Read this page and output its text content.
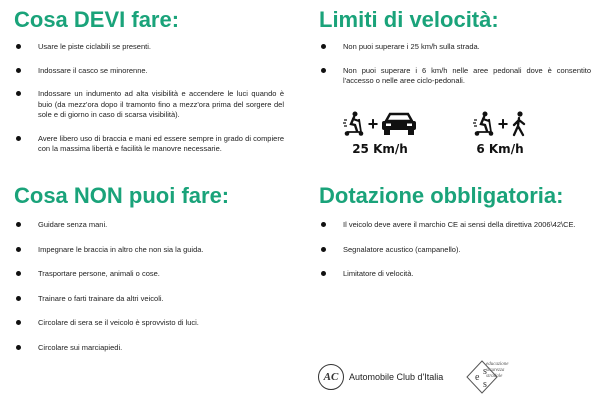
Cosa DEVI fare:
Usare le piste ciclabili se presenti.
Indossare il casco se minorenne.
Indossare un indumento ad alta visibilità e accendere le luci quando è buio (da mezz'ora dopo il tramonto fino a mezz'ora prima del sorgere del sole e di giorno in caso di scarsa visibilità).
Avere libero uso di braccia e mani ed essere sempre in grado di compiere con la massima libertà e facilità le manovre necessarie.
Cosa NON puoi fare:
Guidare senza mani.
Impegnare le braccia in altro che non sia la guida.
Trasportare persone, animali o cose.
Trainare o farti trainare da altri veicoli.
Circolare di sera se il veicolo è sprovvisto di luci.
Circolare sui marciapiedi.
Limiti di velocità:
Non puoi superare i 25 km/h sulla strada.
Non puoi superare i 6 km/h nelle aree pedonali dove è consentito l'accesso o nelle aree ciclo-pedonali.
+
25 Km/h
+
6 Km/h
Dotazione obbligatoria:
Il veicolo deve avere il marchio CE ai sensi della direttiva 2006\42\CE.
Segnalatore acustico (campanello).
Limitatore di velocità.
AC	Automobile Club d'Italia	e
s
s
educazione
sicurezza
stradale
